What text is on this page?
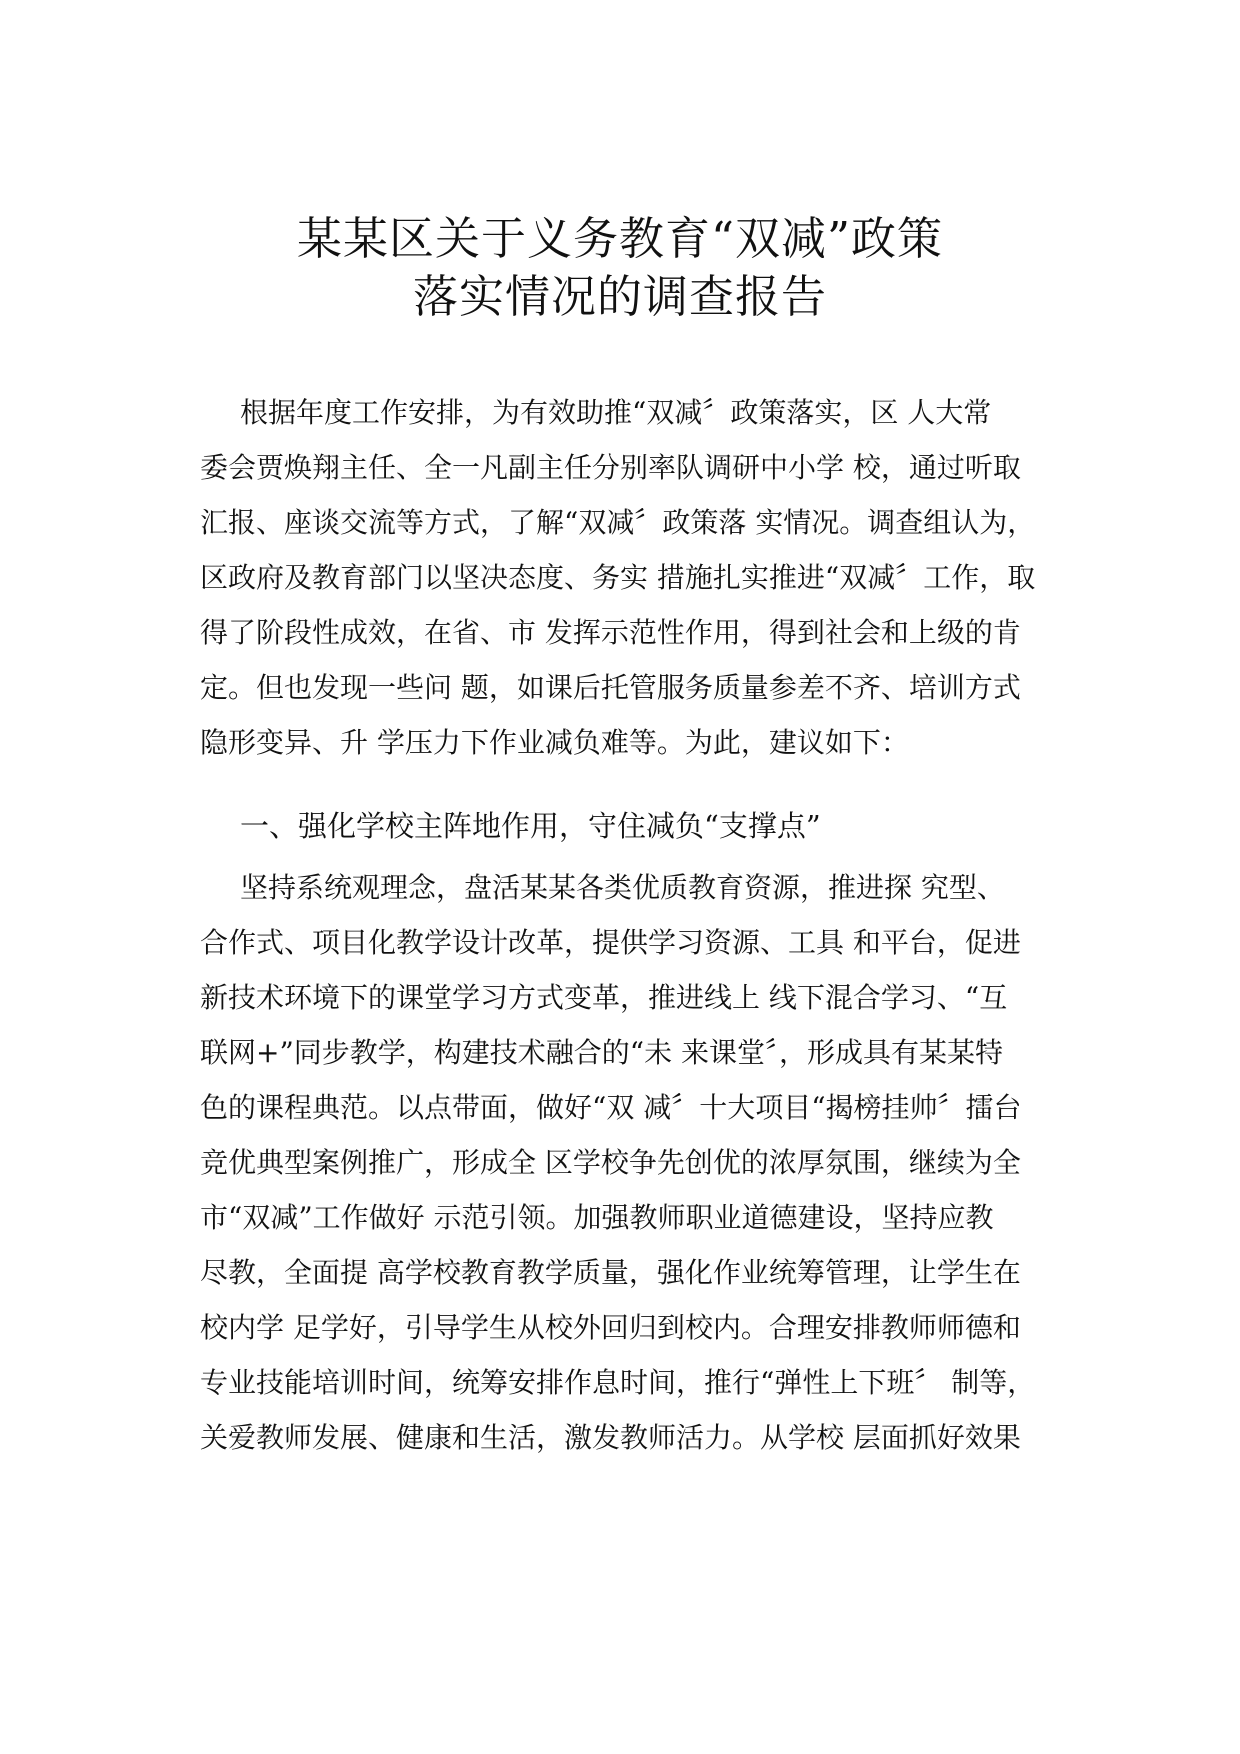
某某区关于义务教育“双减”政策
落实情况的调查报告
根据年度工作安排，为有效助推“双减〞政策落实，区 人大常
委会贾焕翔主任、全一凡副主任分别率队调研中小学 校，通过听取
汇报、座谈交流等方式，了解“双减〞政策落 实情况。调查组认为，
区政府及教育部门以坚决态度、务实 措施扎实推进“双减〞工作，取
得了阶段性成效，在省、市 发挥示范性作用，得到社会和上级的肯
定。但也发现一些问 题，如课后托管服务质量参差不齐、培训方式
隐形变异、升 学压力下作业减负难等。为此，建议如下：
一、强化学校主阵地作用，守住减负“支撑点”
坚持系统观理念，盘活某某各类优质教育资源，推进探 究型、
合作式、项目化教学设计改革，提供学习资源、工具 和平台，促进
新技术环境下的课堂学习方式变革，推进线上 线下混合学习、“互
联网+”同步教学，构建技术融合的“未 来课堂〞，形成具有某某特
色的课程典范。以点带面，做好“双 减〞十大项目“揭榜挂帅〞擂台
竞优典型案例推广，形成全 区学校争先创优的浓厚氛围，继续为全
市“双减”工作做好 示范引领。加强教师职业道德建设，坚持应教
尽教，全面提 高学校教育教学质量，强化作业统筹管理，让学生在
校内学 足学好，引导学生从校外回归到校内。合理安排教师师德和
专业技能培训时间，统筹安排作息时间，推行“弹性上下班〞 制等，
关爱教师发展、健康和生活，激发教师活力。从学校 层面抓好效果
